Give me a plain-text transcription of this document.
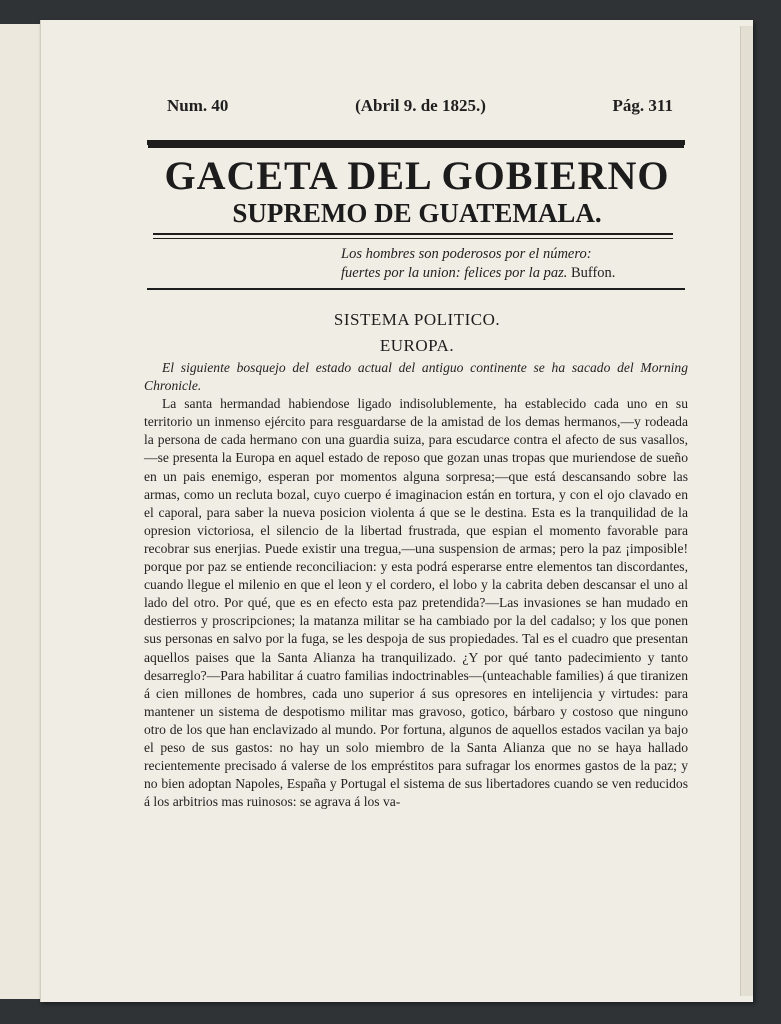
Num. 40	(Abril 9. de 1825.)	Pág. 311
GACETA DEL GOBIERNO
SUPREMO DE GUATEMALA.
Los hombres son poderosos por el número:
fuertes por la union: felices por la paz. Buffon.
SISTEMA POLITICO.
EUROPA.

El siguiente bosquejo del estado actual del antiguo continente se ha sacado del Morning Chronicle.

La santa hermandad habiendose ligado indisolublemente, ha establecido cada uno en su territorio un inmenso ejército para resguardarse de la amistad de los demas hermanos,—y rodeada la persona de cada hermano con una guardia suiza, para escudarce contra el afecto de sus vasallos,—se presenta la Europa en aquel estado de reposo que gozan unas tropas que muriendose de sueño en un pais enemigo, esperan por momentos alguna sorpresa;—que está descansando sobre las armas, como un recluta bozal, cuyo cuerpo é imaginacion están en tortura, y con el ojo clavado en el caporal, para saber la nueva posicion violenta á que se le destina. Esta es la tranquilidad de la opresion victoriosa, el silencio de la libertad frustrada, que espian el momento favorable para recobrar sus enerjias. Puede existir una tregua,—una suspension de armas; pero la paz ¡imposible! porque por paz se entiende reconciliacion: y esta podrá esperarse entre elementos tan discordantes, cuando llegue el milenio en que el leon y el cordero, el lobo y la cabrita deben descansar el uno al lado del otro. Por qué, que es en efecto esta paz pretendida?—Las invasiones se han mudado en destierros y proscripciones; la matanza militar se ha cambiado por la del cadalso; y los que ponen sus personas en salvo por la fuga, se les despoja de sus propiedades. Tal es el cuadro que presentan aquellos paises que la Santa Alianza ha tranquilizado. ¿Y por qué tanto padecimiento y tanto desarreglo?—Para habilitar á cuatro familias indoctrinables—(unteachable families) á que tiranizen á cien millones de hombres, cada uno superior á sus opresores en intelijencia y virtudes: para mantener un sistema de despotismo militar mas gravoso, gotico, bárbaro y costoso que ninguno otro de los que han enclavizado al mundo. Por fortuna, algunos de aquellos estados vacilan ya bajo el peso de sus gastos: no hay un solo miembro de la Santa Alianza que no se haya hallado recientemente precisado á valerse de los empréstitos para sufragar los enormes gastos de la paz; y no bien adoptan Napoles, España y Portugal el sistema de sus libertadores cuando se ven reducidos á los arbitrios mas ruinosos: se agrava á los va-
